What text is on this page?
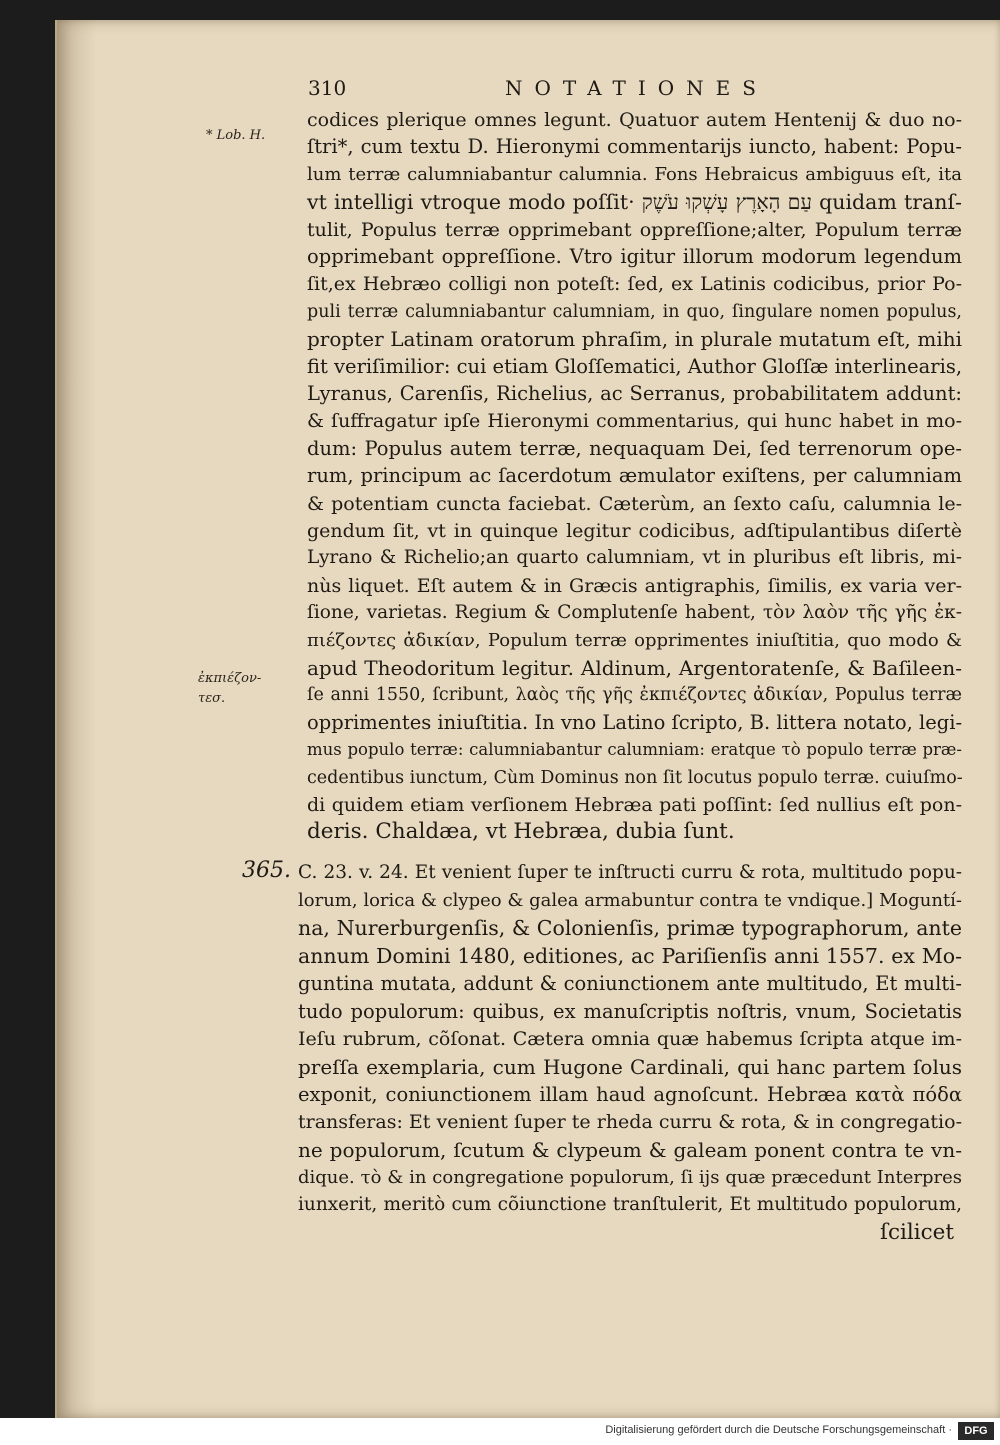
310	NOTATIONES
* Lob. H.
ἐκπιέζον-
τεσ.
codices plerique omnes legunt. Quatuor autem Hentenij & duo no-
ſtri*, cum textu D. Hieronymi commentarijs iuncto, habent: Popu-
lum terræ calumniabantur calumnia. Fons Hebraicus ambiguus eſt, ita
vt intelligi vtroque modo poſſit· עַם הָאָרֶץ עָשְׁקוּ עֹשֶׁק quidam tranſ-
tulit, Populus terræ opprimebant oppreſſione;alter, Populum terræ
opprimebant oppreſſione. Vtro igitur illorum modorum legendum
ſit,ex Hebræo colligi non poteſt: ſed, ex Latinis codicibus, prior Po-
puli terræ calumniabantur calumniam, in quo, ſingulare nomen populus,
propter Latinam oratorum phraſim, in plurale mutatum eſt, mihi
fit veriſimilior: cui etiam Gloſſematici, Author Gloſſæ interlinearis,
Lyranus, Carenſis, Richelius, ac Serranus, probabilitatem addunt:
& ſuffragatur ipſe Hieronymi commentarius, qui hunc habet in mo-
dum: Populus autem terræ, nequaquam Dei, ſed terrenorum ope-
rum, principum ac ſacerdotum æmulator exiſtens, per calumniam
& potentiam cuncta faciebat. Cæterùm, an ſexto caſu, calumnia le-
gendum ſit, vt in quinque legitur codicibus, adſtipulantibus diſertè
Lyrano & Richelio;an quarto calumniam, vt in pluribus eſt libris, mi-
nùs liquet. Eſt autem & in Græcis antigraphis, ſimilis, ex varia ver-
ſione, varietas. Regium & Complutenſe habent, τὸν λαὸν τῆς γῆς ἐκ-
πιέζοντες ἀδικίαν, Populum terræ opprimentes iniuſtitia, quo modo &
apud Theodoritum legitur. Aldinum, Argentoratenſe, & Baſileen-
ſe anni 1550, ſcribunt, λαὸς τῆς γῆς ἐκπιέζοντες ἀδικίαν, Populus terræ
opprimentes iniuſtitia. In vno Latino ſcripto, B. littera notato, legi-
mus populo terræ: calumniabantur calumniam: eratque τὸ populo terræ præ-
cedentibus iunctum, Cùm Dominus non ſit locutus populo terræ. cuiuſmo-
di quidem etiam verſionem Hebræa pati poſſint: ſed nullius eſt pon-
deris. Chaldæa, vt Hebræa, dubia ſunt.
365. C. 23. v. 24. Et venient ſuper te inſtructi curru & rota, multitudo popu-
lorum, lorica & clypeo & galea armabuntur contra te vndique.] Moguntí-
na, Nurerburgenſis, & Colonienſis, primæ typographorum, ante
annum Domini 1480, editiones, ac Pariſienſis anni 1557. ex Mo-
guntina mutata, addunt & coniunctionem ante multitudo, Et multi-
tudo populorum: quibus, ex manuſcriptis noſtris, vnum, Societatis
Ieſu rubrum, cõſonat. Cætera omnia quæ habemus ſcripta atque im-
preſſa exemplaria, cum Hugone Cardinali, qui hanc partem ſolus
exponit, coniunctionem illam haud agnoſcunt. Hebræa κατὰ πόδα
transferas: Et venient ſuper te rheda curru & rota, & in congregatio-
ne populorum, ſcutum & clypeum & galeam ponent contra te vn-
dique. τὸ & in congregatione populorum, ſi ijs quæ præcedunt Interpres
iunxerit, meritò cum cõiunctione tranſtulerit, Et multitudo populorum,
ſcilicet
Digitalisierung gefördert durch die Deutsche Forschungsgemeinschaft ·	DFG
